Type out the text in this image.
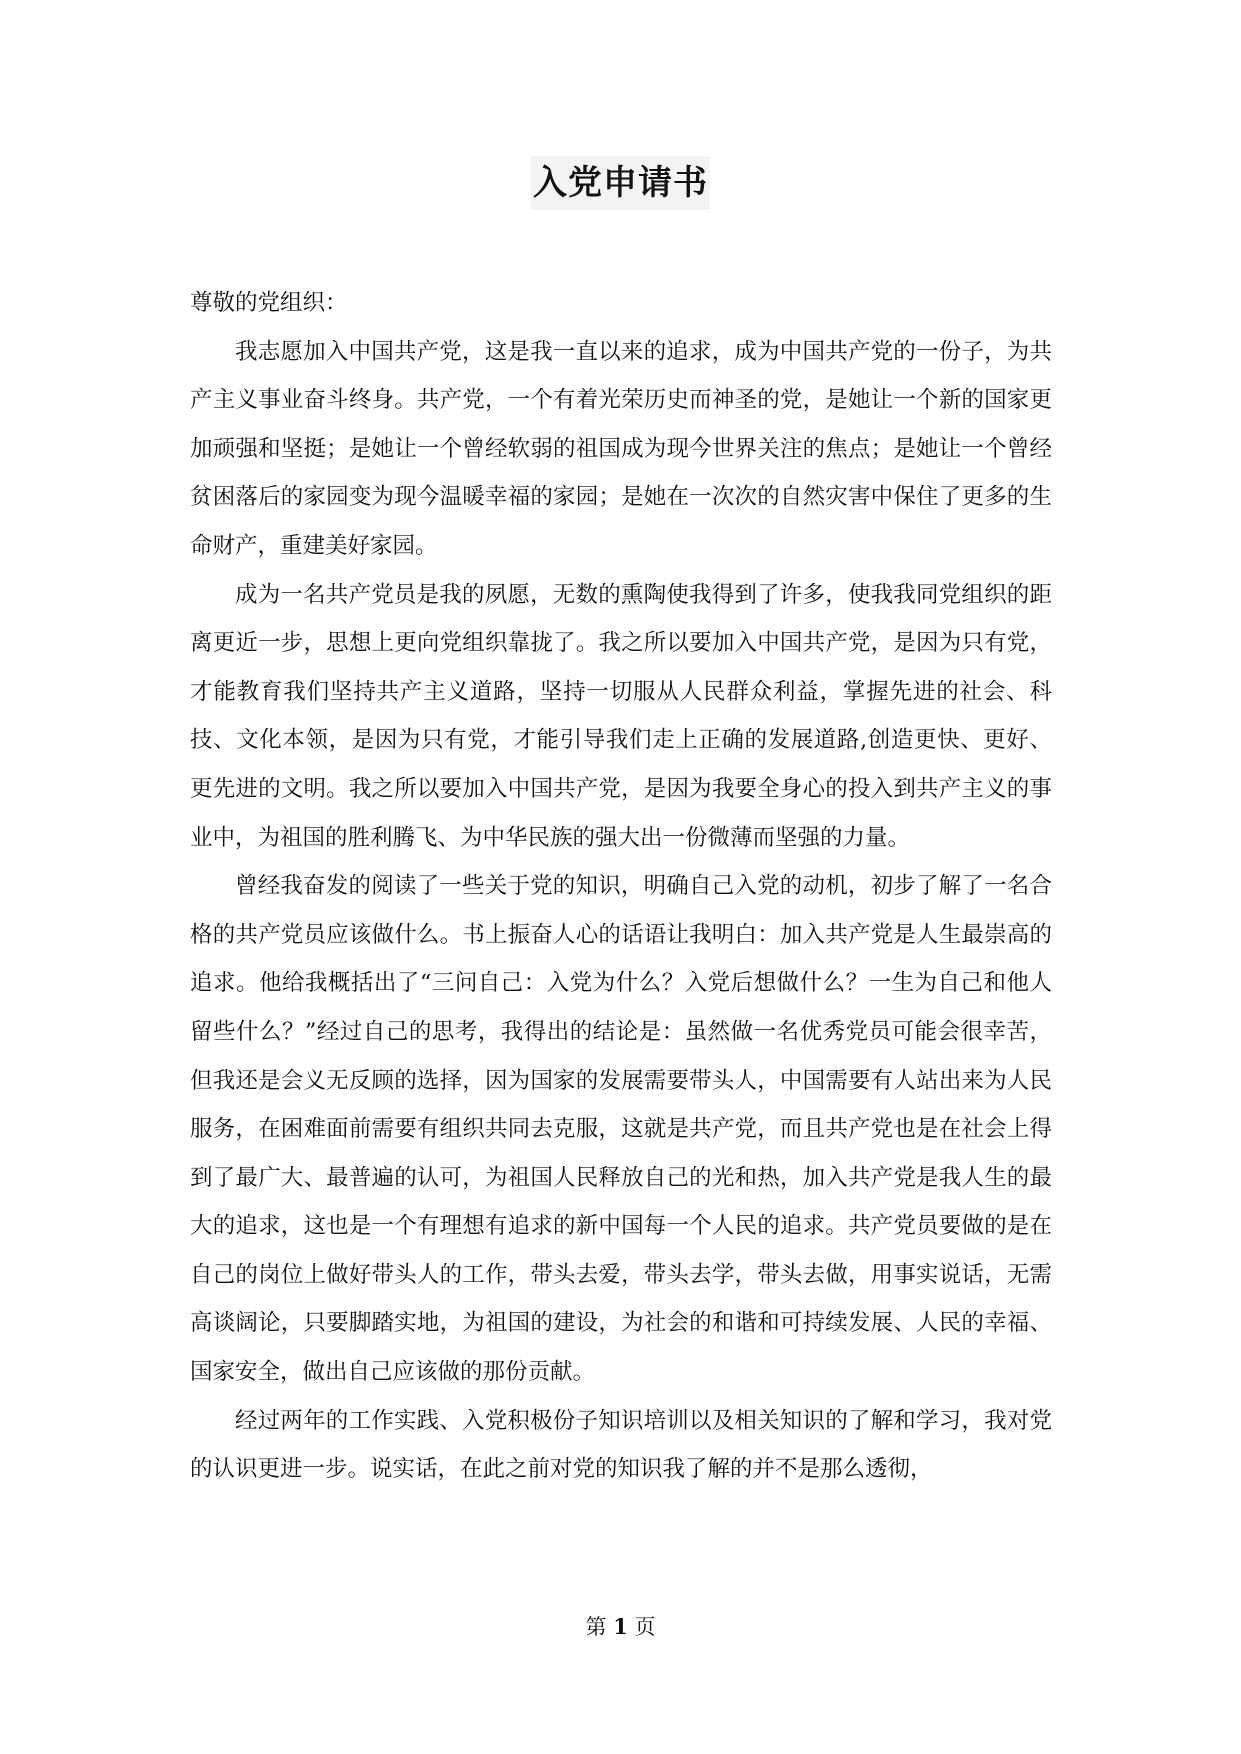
入党申请书

尊敬的党组织：

我志愿加入中国共产党，这是我一直以来的追求，成为中国共产党的一份子，为共产主义事业奋斗终身。共产党，一个有着光荣历史而神圣的党，是她让一个新的国家更加顽强和坚挺；是她让一个曾经软弱的祖国成为现今世界关注的焦点；是她让一个曾经贫困落后的家园变为现今温暖幸福的家园；是她在一次次的自然灾害中保住了更多的生命财产，重建美好家园。

成为一名共产党员是我的夙愿，无数的熏陶使我得到了许多，使我我同党组织的距离更近一步，思想上更向党组织靠拢了。我之所以要加入中国共产党，是因为只有党，才能教育我们坚持共产主义道路，坚持一切服从人民群众利益，掌握先进的社会、科技、文化本领，是因为只有党，才能引导我们走上正确的发展道路,创造更快、更好、更先进的文明。我之所以要加入中国共产党，是因为我要全身心的投入到共产主义的事业中，为祖国的胜利腾飞、为中华民族的强大出一份微薄而坚强的力量。

曾经我奋发的阅读了一些关于党的知识，明确自己入党的动机，初步了解了一名合格的共产党员应该做什么。书上振奋人心的话语让我明白：加入共产党是人生最崇高的追求。他给我概括出了“三问自己：入党为什么？入党后想做什么？一生为自己和他人留些什么？”经过自己的思考，我得出的结论是：虽然做一名优秀党员可能会很幸苦，但我还是会义无反顾的选择，因为国家的发展需要带头人，中国需要有人站出来为人民服务，在困难面前需要有组织共同去克服，这就是共产党，而且共产党也是在社会上得到了最广大、最普遍的认可，为祖国人民释放自己的光和热，加入共产党是我人生的最大的追求，这也是一个有理想有追求的新中国每一个人民的追求。共产党员要做的是在自己的岗位上做好带头人的工作，带头去爱，带头去学，带头去做，用事实说话，无需高谈阔论，只要脚踏实地，为祖国的建设，为社会的和谐和可持续发展、人民的幸福、国家安全，做出自己应该做的那份贡献。

经过两年的工作实践、入党积极份子知识培训以及相关知识的了解和学习，我对党的认识更进一步。说实话，在此之前对党的知识我了解的并不是那么透彻，

第 1 页
